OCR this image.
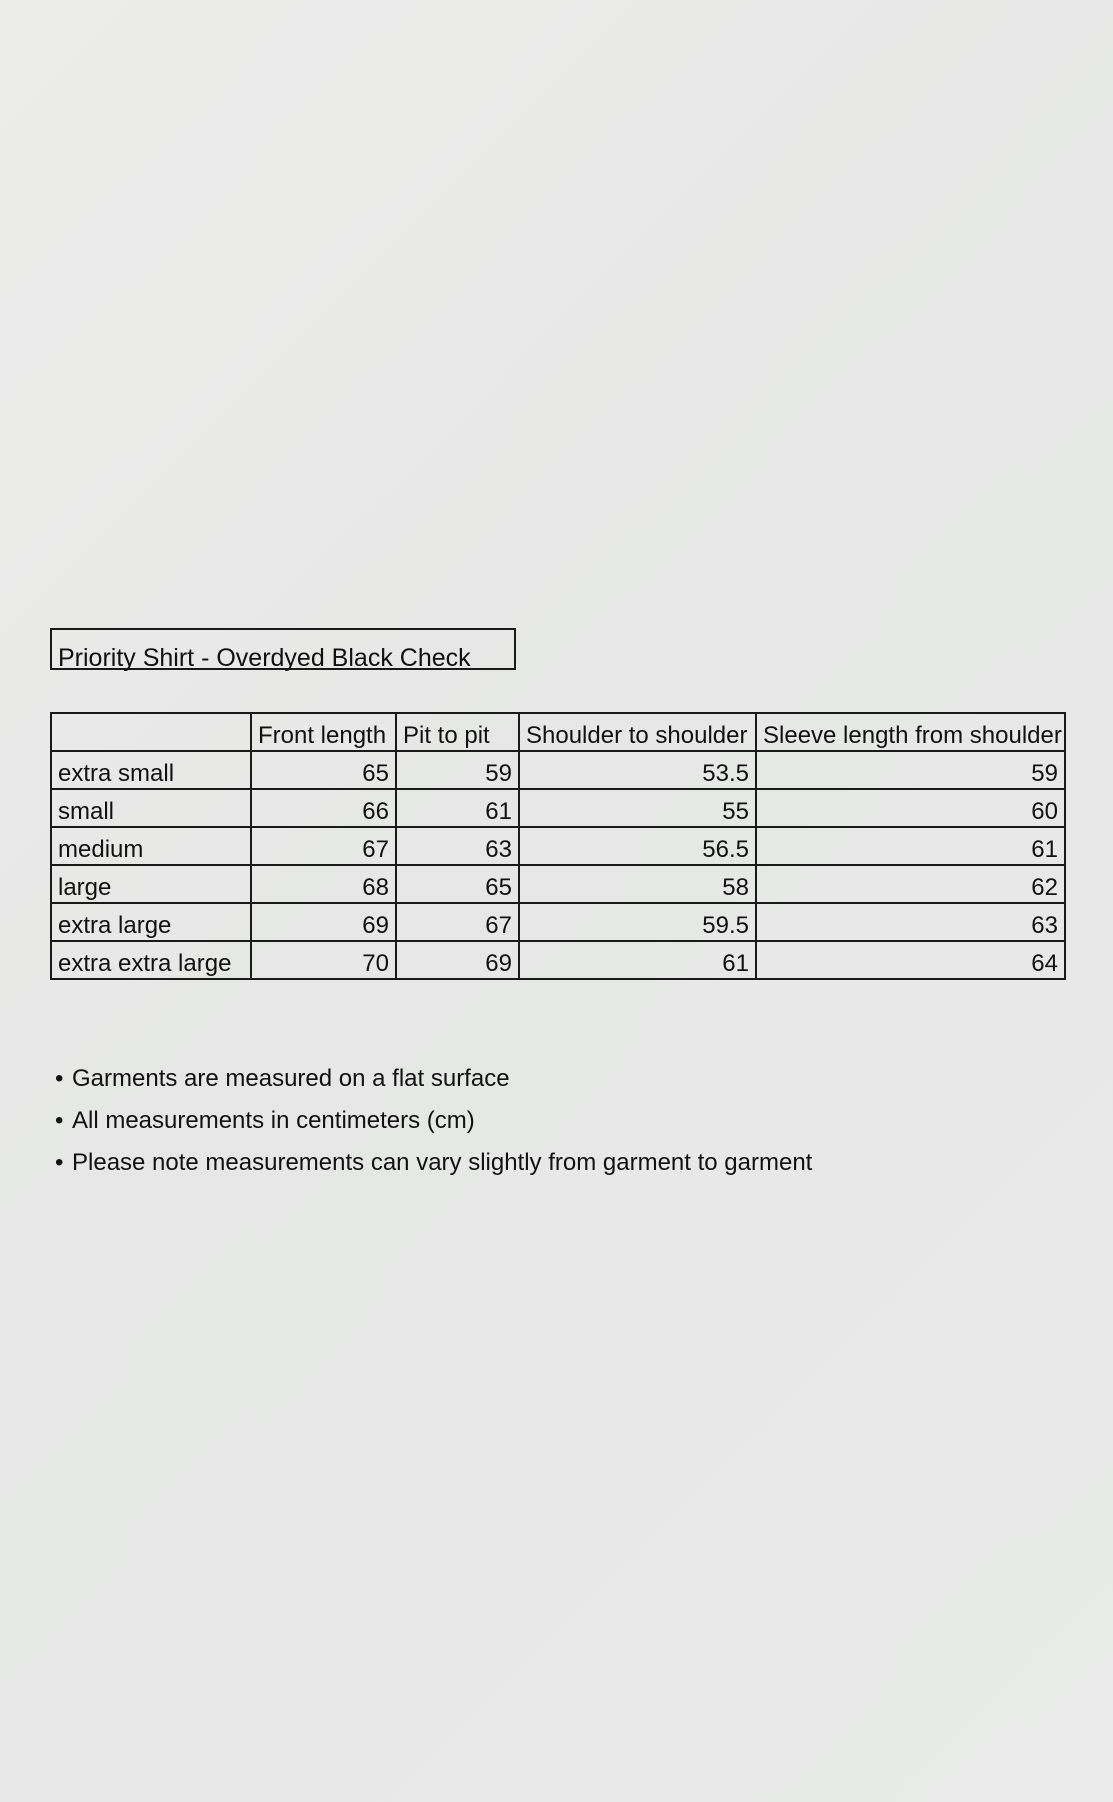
Priority Shirt - Overdyed Black Check
	Front length	Pit to pit	Shoulder to shoulder	Sleeve length from shoulder
extra small	65	59	53.5	59
small	66	61	55	60
medium	67	63	56.5	61
large	68	65	58	62
extra large	69	67	59.5	63
extra extra large	70	69	61	64
• Garments are measured on a flat surface
• All measurements in centimeters (cm)
• Please note measurements can vary slightly from garment to garment
